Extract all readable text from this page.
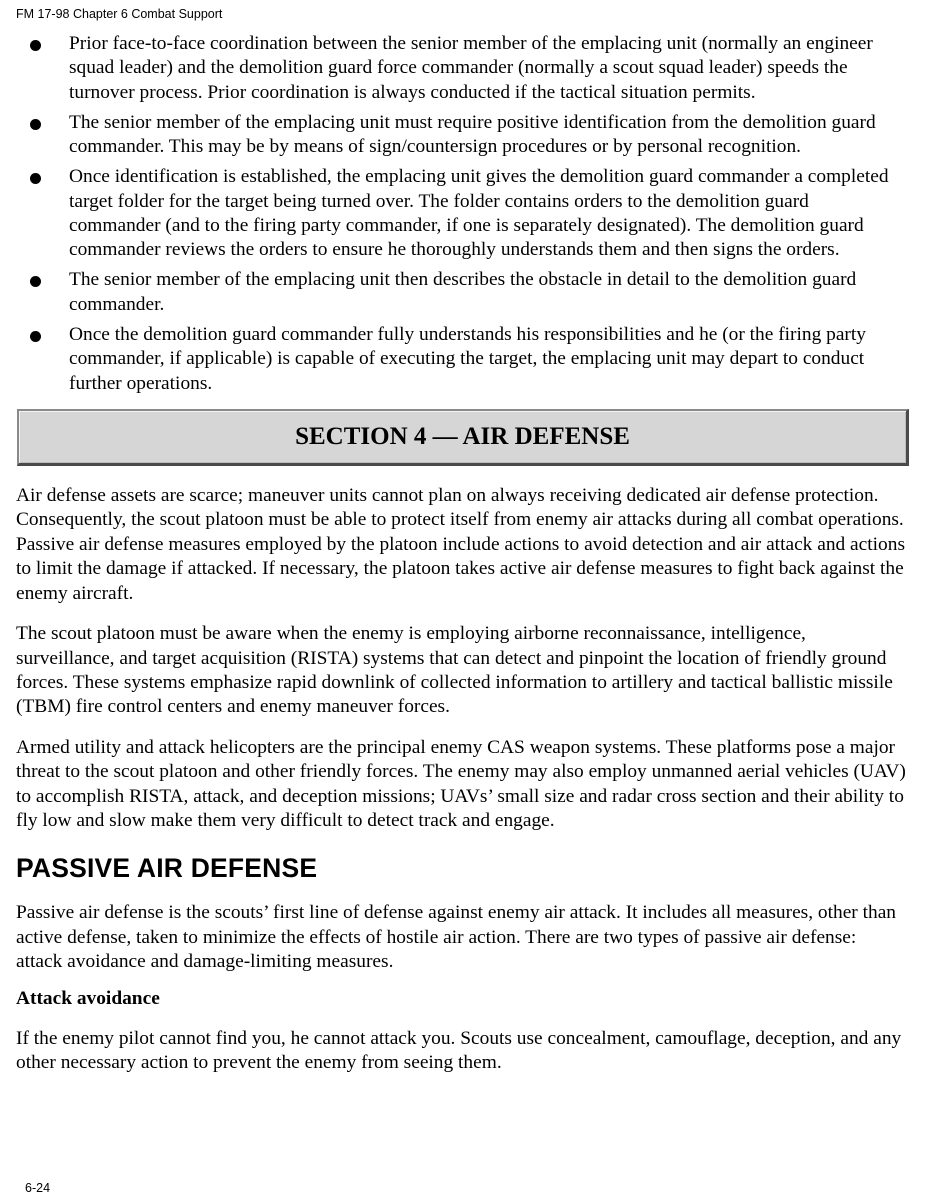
FM 17-98 Chapter 6 Combat Support
Prior face-to-face coordination between the senior member of the emplacing unit (normally an engineer squad leader) and the demolition guard force commander (normally a scout squad leader) speeds the turnover process. Prior coordination is always conducted if the tactical situation permits.
The senior member of the emplacing unit must require positive identification from the demolition guard commander. This may be by means of sign/countersign procedures or by personal recognition.
Once identification is established, the emplacing unit gives the demolition guard commander a completed target folder for the target being turned over. The folder contains orders to the demolition guard commander (and to the firing party commander, if one is separately designated). The demolition guard commander reviews the orders to ensure he thoroughly understands them and then signs the orders.
The senior member of the emplacing unit then describes the obstacle in detail to the demolition guard commander.
Once the demolition guard commander fully understands his responsibilities and he (or the firing party commander, if applicable) is capable of executing the target, the emplacing unit may depart to conduct further operations.
SECTION 4 — AIR DEFENSE

Air defense assets are scarce; maneuver units cannot plan on always receiving dedicated air defense protection. Consequently, the scout platoon must be able to protect itself from enemy air attacks during all combat operations. Passive air defense measures employed by the platoon include actions to avoid detection and air attack and actions to limit the damage if attacked. If necessary, the platoon takes active air defense measures to fight back against the enemy aircraft.

The scout platoon must be aware when the enemy is employing airborne reconnaissance, intelligence, surveillance, and target acquisition (RISTA) systems that can detect and pinpoint the location of friendly ground forces. These systems emphasize rapid downlink of collected information to artillery and tactical ballistic missile (TBM) fire control centers and enemy maneuver forces.

Armed utility and attack helicopters are the principal enemy CAS weapon systems. These platforms pose a major threat to the scout platoon and other friendly forces. The enemy may also employ unmanned aerial vehicles (UAV) to accomplish RISTA, attack, and deception missions; UAVs’ small size and radar cross section and their ability to fly low and slow make them very difficult to detect track and engage.

PASSIVE AIR DEFENSE

Passive air defense is the scouts’ first line of defense against enemy air attack. It includes all measures, other than active defense, taken to minimize the effects of hostile air action. There are two types of passive air defense: attack avoidance and damage-limiting measures.

Attack avoidance

If the enemy pilot cannot find you, he cannot attack you. Scouts use concealment, camouflage, deception, and any other necessary action to prevent the enemy from seeing them.

6-24
